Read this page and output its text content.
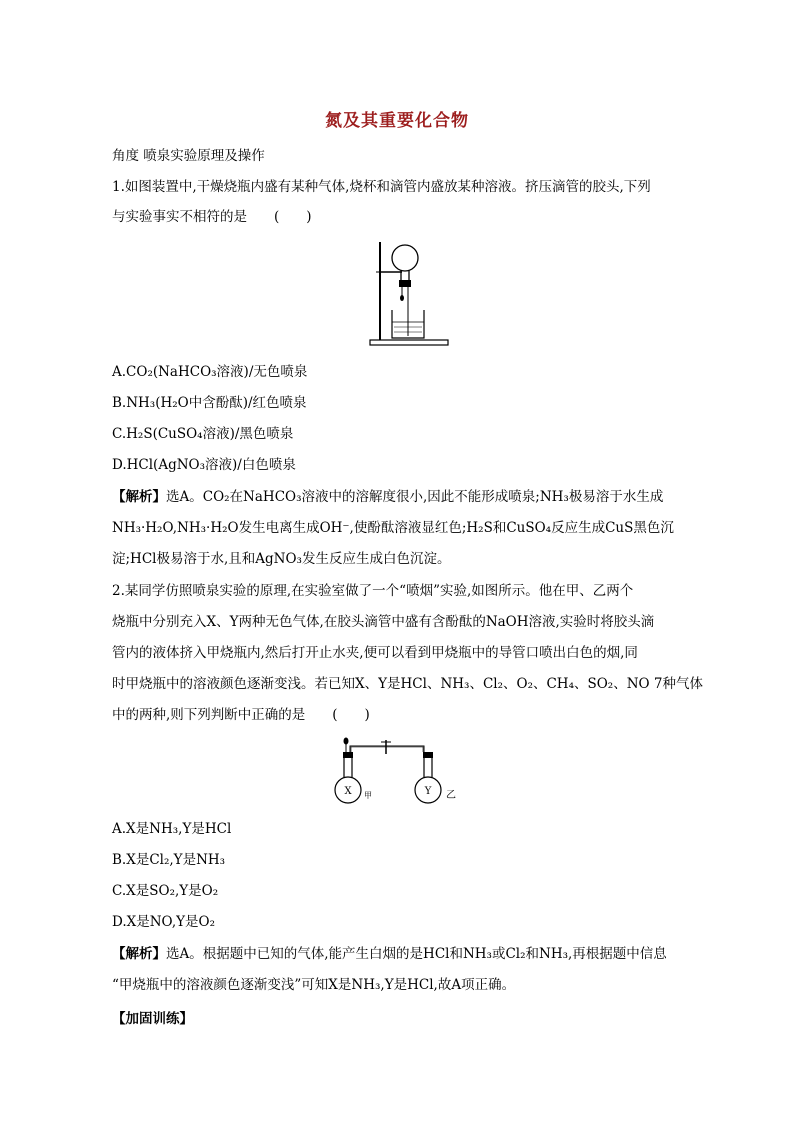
氮及其重要化合物
角度 喷泉实验原理及操作
1.如图装置中,干燥烧瓶内盛有某种气体,烧杯和滴管内盛放某种溶液。挤压滴管的胶头,下列
与实验事实不相符的是　　(　　)
A.CO₂(NaHCO₃溶液)/无色喷泉
B.NH₃(H₂O中含酚酞)/红色喷泉
C.H₂S(CuSO₄溶液)/黑色喷泉
D.HCl(AgNO₃溶液)/白色喷泉
【解析】选A。CO₂在NaHCO₃溶液中的溶解度很小,因此不能形成喷泉;NH₃极易溶于水生成
NH₃·H₂O,NH₃·H₂O发生电离生成OH⁻,使酚酞溶液显红色;H₂S和CuSO₄反应生成CuS黑色沉
淀;HCl极易溶于水,且和AgNO₃发生反应生成白色沉淀。
2.某同学仿照喷泉实验的原理,在实验室做了一个“喷烟”实验,如图所示。他在甲、乙两个
烧瓶中分别充入X、Y两种无色气体,在胶头滴管中盛有含酚酞的NaOH溶液,实验时将胶头滴
管内的液体挤入甲烧瓶内,然后打开止水夹,便可以看到甲烧瓶中的导管口喷出白色的烟,同
时甲烧瓶中的溶液颜色逐渐变浅。若已知X、Y是HCl、NH₃、Cl₂、O₂、CH₄、SO₂、NO 7种气体
中的两种,则下列判断中正确的是　　(　　)
X 甲	Y 乙
A.X是NH₃,Y是HCl
B.X是Cl₂,Y是NH₃
C.X是SO₂,Y是O₂
D.X是NO,Y是O₂
【解析】选A。根据题中已知的气体,能产生白烟的是HCl和NH₃或Cl₂和NH₃,再根据题中信息
“甲烧瓶中的溶液颜色逐渐变浅”可知X是NH₃,Y是HCl,故A项正确。
【加固训练】
